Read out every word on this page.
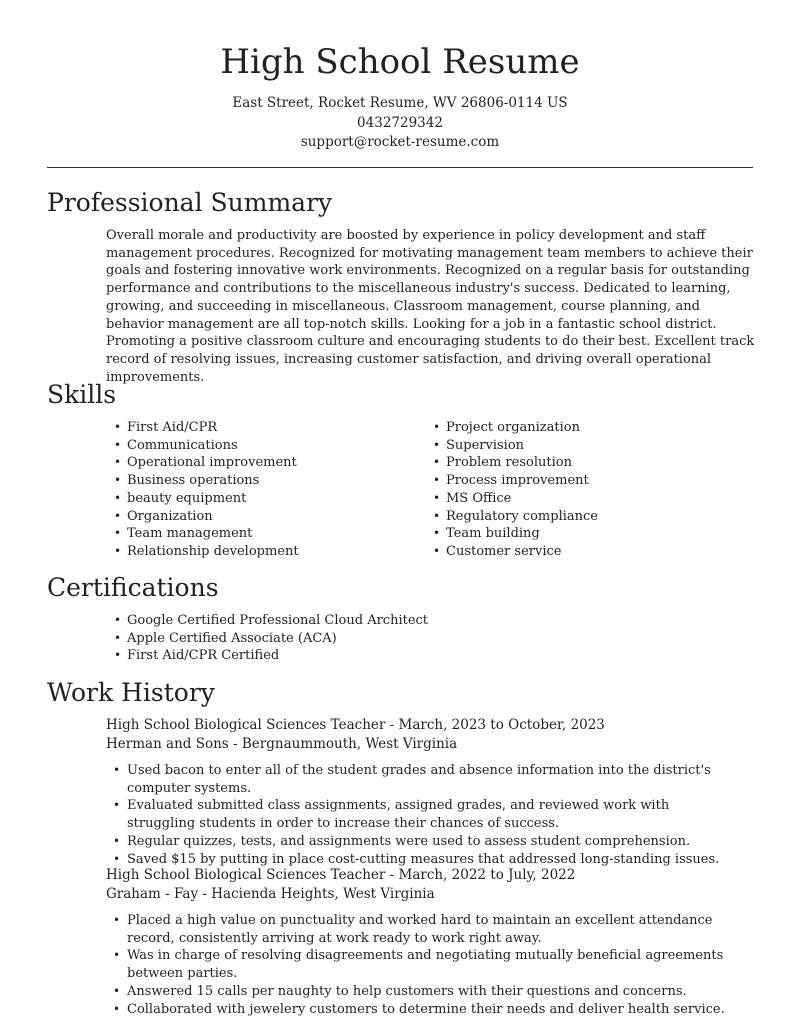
High School Resume
East Street, Rocket Resume, WV 26806-0114 US
0432729342
support@rocket-resume.com
Professional Summary

Overall morale and productivity are boosted by experience in policy development and staff management procedures. Recognized for motivating management team members to achieve their goals and fostering innovative work environments. Recognized on a regular basis for outstanding performance and contributions to the miscellaneous industry's success. Dedicated to learning, growing, and succeeding in miscellaneous. Classroom management, course planning, and behavior management are all top-notch skills. Looking for a job in a fantastic school district. Promoting a positive classroom culture and encouraging students to do their best. Excellent track record of resolving issues, increasing customer satisfaction, and driving overall operational improvements.

Skills
• First Aid/CPR
• Communications
• Operational improvement
• Business operations
• beauty equipment
• Organization
• Team management
• Relationship development
• Project organization
• Supervision
• Problem resolution
• Process improvement
• MS Office
• Regulatory compliance
• Team building
• Customer service
Certifications
• Google Certified Professional Cloud Architect
• Apple Certified Associate (ACA)
• First Aid/CPR Certified
Work History
High School Biological Sciences Teacher - March, 2023 to October, 2023
Herman and Sons - Bergnaummouth, West Virginia
• Used bacon to enter all of the student grades and absence information into the district's computer systems.
• Evaluated submitted class assignments, assigned grades, and reviewed work with struggling students in order to increase their chances of success.
• Regular quizzes, tests, and assignments were used to assess student comprehension.
• Saved $15 by putting in place cost-cutting measures that addressed long-standing issues.
High School Biological Sciences Teacher - March, 2022 to July, 2022
Graham - Fay - Hacienda Heights, West Virginia
• Placed a high value on punctuality and worked hard to maintain an excellent attendance record, consistently arriving at work ready to work right away.
• Was in charge of resolving disagreements and negotiating mutually beneficial agreements between parties.
• Answered 15 calls per naughty to help customers with their questions and concerns.
• Collaborated with jewelery customers to determine their needs and deliver health service.
